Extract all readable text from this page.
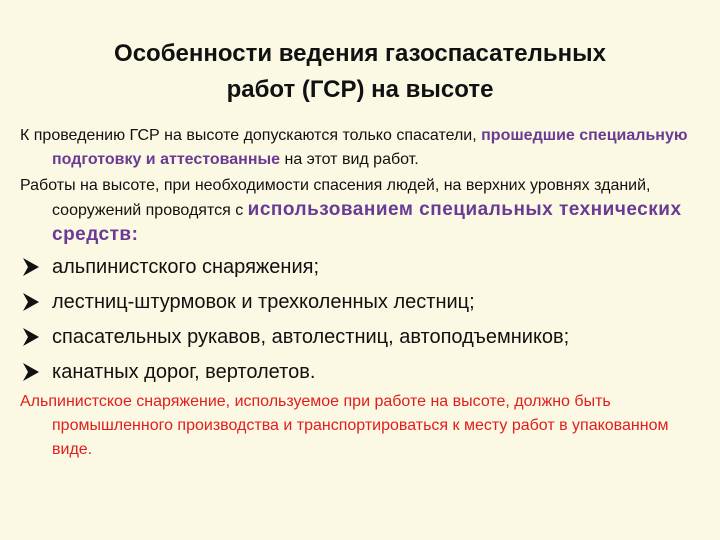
Особенности ведения газоспасательных
работ (ГСР) на высоте

К проведению ГСР на высоте допускаются только спасатели, прошедшие специальную подготовку и аттестованные на этот вид работ.

Работы на высоте, при необходимости спасения людей, на верхних уровнях зданий, сооружений проводятся с использованием специальных технических средств:

альпинистского снаряжения;

лестниц-штурмовок и трехколенных лестниц;

спасательных рукавов, автолестниц, автоподъемников;

канатных дорог, вертолетов.

Альпинистское снаряжение, используемое при работе на высоте, должно быть промышленного производства и транспортироваться к месту работ в упакованном виде.
